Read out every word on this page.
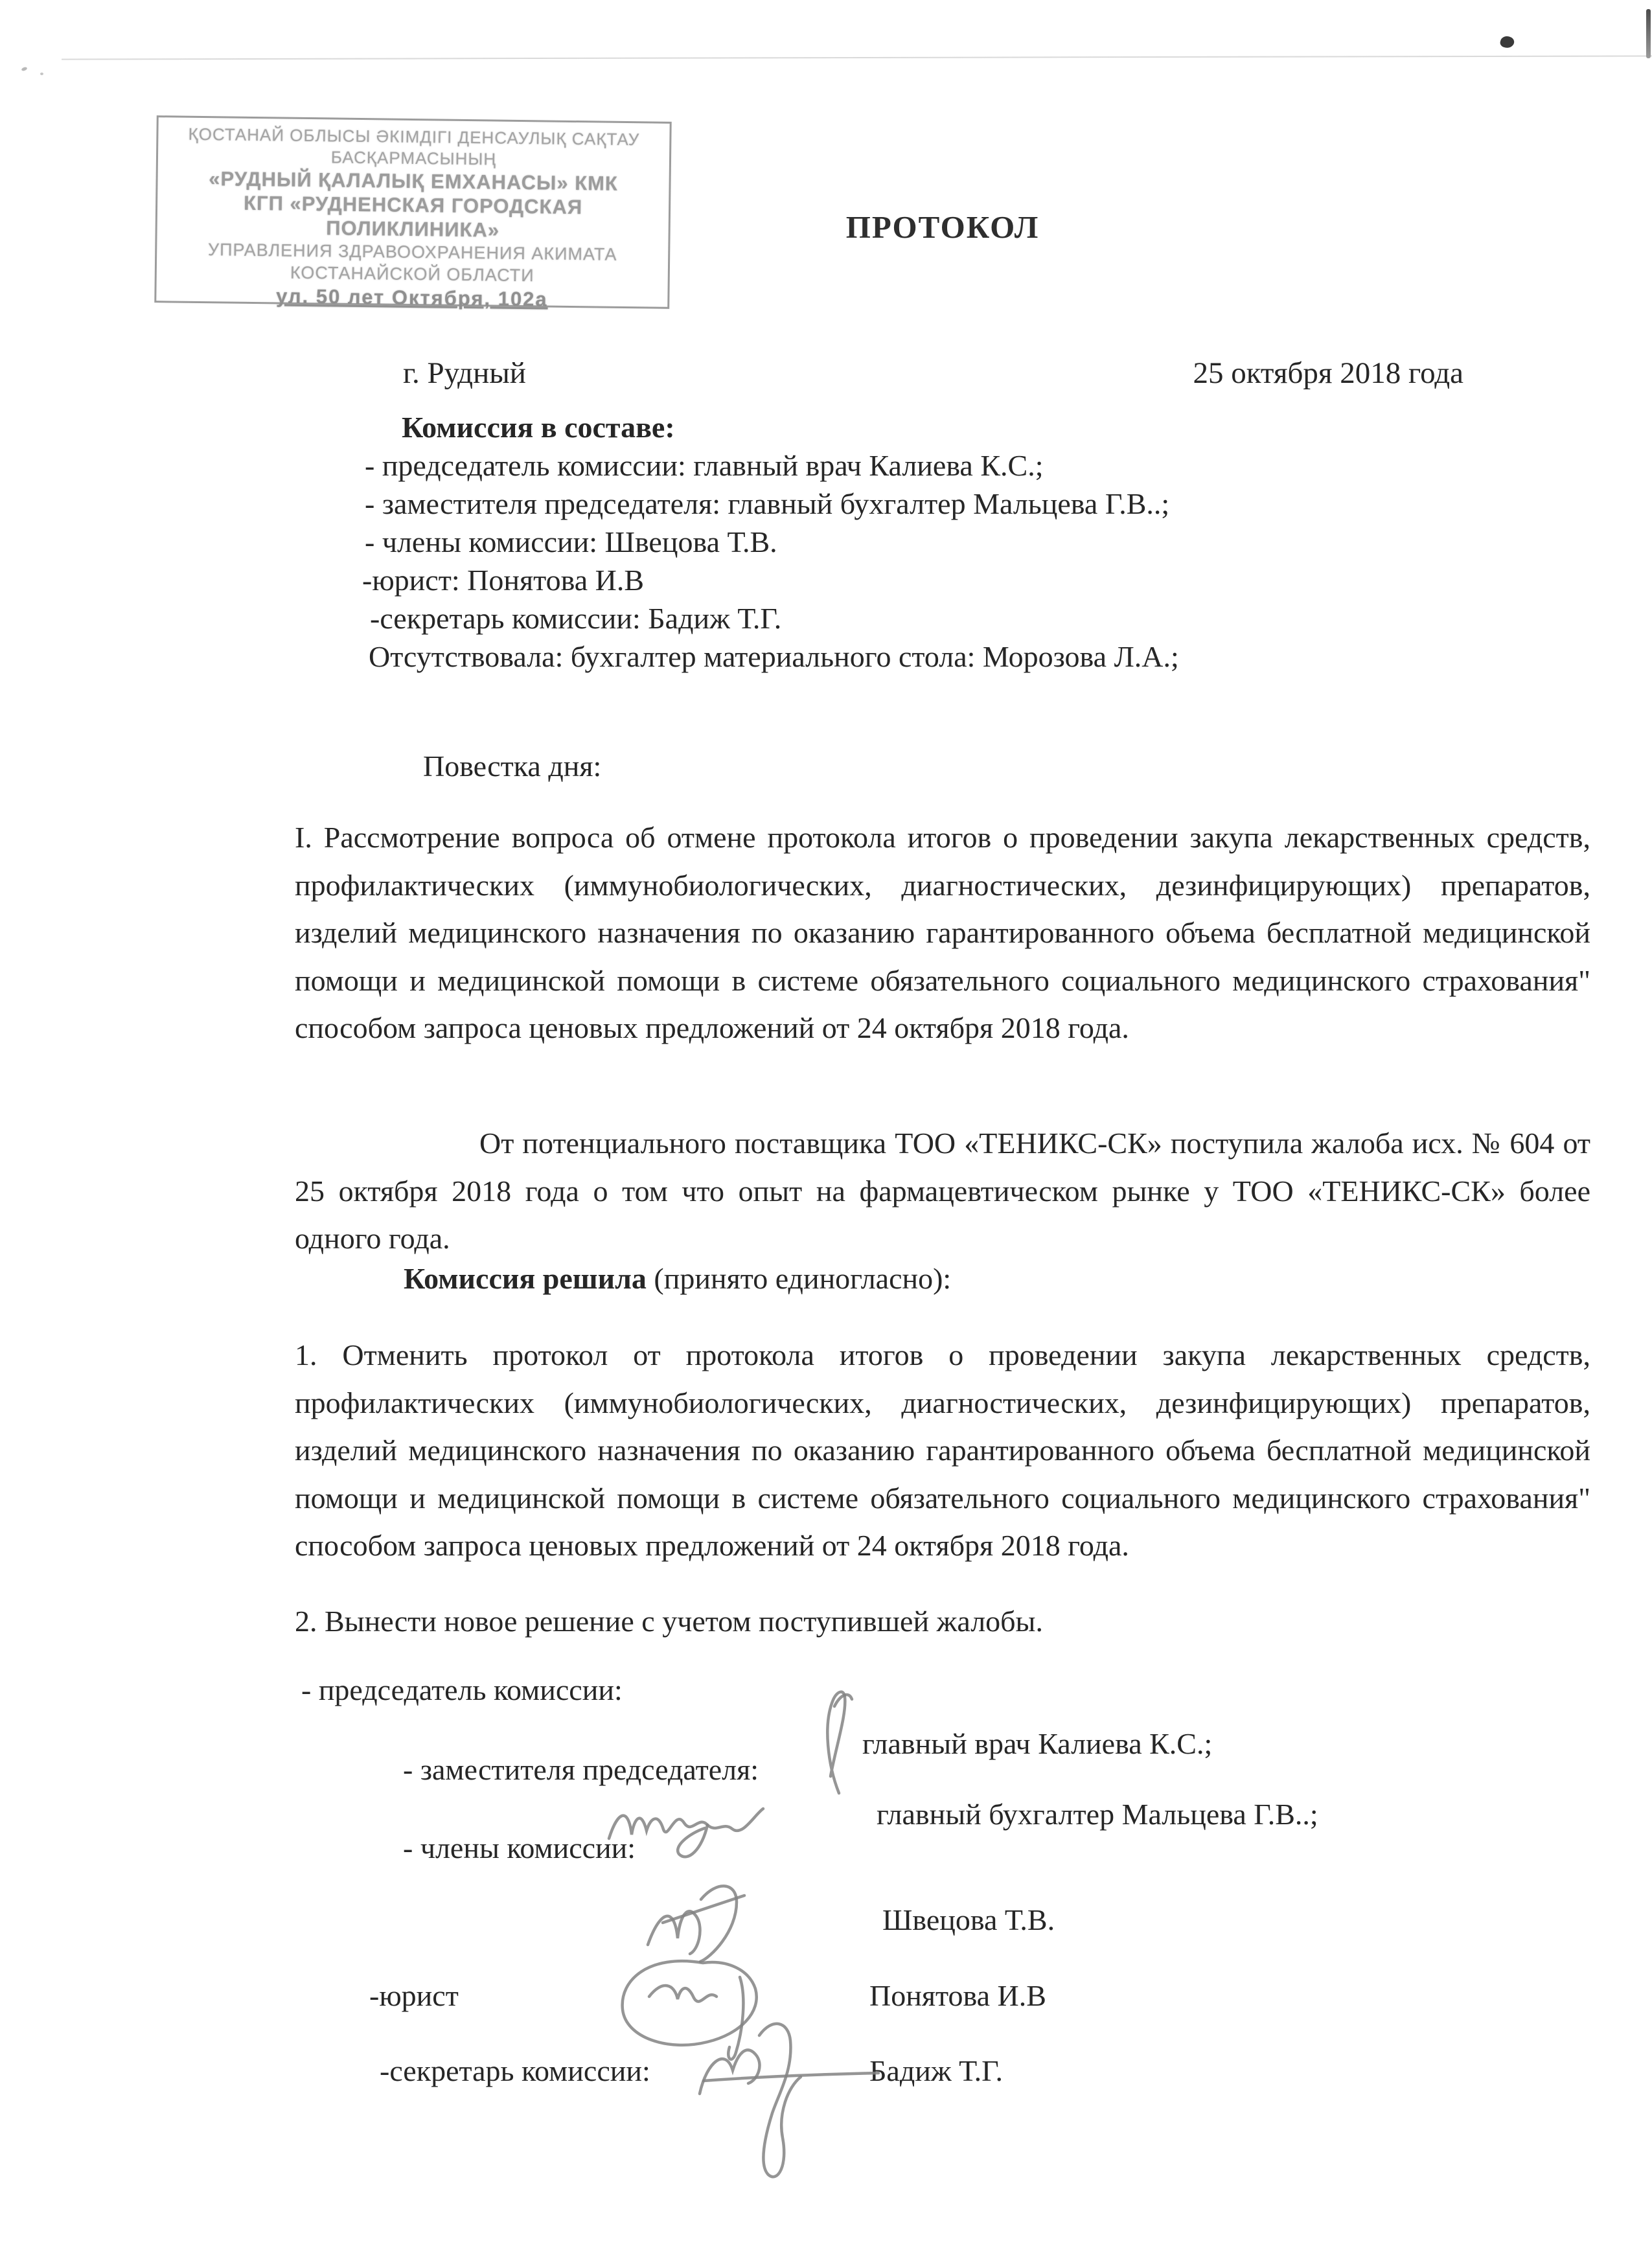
ҚОСТАНАЙ ОБЛЫСЫ ӘКІМДІГІ ДЕНСАУЛЫҚ САҚТАУ
БАСҚАРМАСЫНЫҢ
«РУДНЫЙ ҚАЛАЛЫҚ ЕМХАНАСЫ» КМК
КГП «РУДНЕНСКАЯ ГОРОДСКАЯ
ПОЛИКЛИНИКА»
УПРАВЛЕНИЯ ЗДРАВООХРАНЕНИЯ АКИМАТА
КОСТАНАЙСКОЙ ОБЛАСТИ
ул. 50 лет Октября, 102а
ПРОТОКОЛ
г. Рудный	25 октября 2018 года
Комиссия в составе:
- председатель комиссии: главный врач Калиева К.С.;
- заместителя председателя: главный бухгалтер Мальцева Г.В..;
- члены комиссии: Швецова Т.В.
-юрист: Понятова И.В
-секретарь комиссии: Бадиж Т.Г.
Отсутствовала: бухгалтер материального стола: Морозова Л.А.;
Повестка дня:
I. Рассмотрение вопроса об отмене протокола итогов о проведении закупа лекарственных средств, профилактических (иммунобиологических, диагностических, дезинфицирующих) препаратов, изделий медицинского назначения по оказанию гарантированного объема бесплатной медицинской помощи и медицинской помощи в системе обязательного социального медицинского страхования" способом запроса ценовых предложений от 24 октября 2018 года.
От потенциального поставщика ТОО «ТЕНИКС-СК» поступила жалоба исх. № 604 от 25 октября 2018 года о том что опыт на фармацевтическом рынке у ТОО «ТЕНИКС-СК» более одного года.
Комиссия решила (принято единогласно):
1. Отменить протокол от протокола итогов о проведении закупа лекарственных средств, профилактических (иммунобиологических, диагностических, дезинфицирующих) препаратов, изделий медицинского назначения по оказанию гарантированного объема бесплатной медицинской помощи и медицинской помощи в системе обязательного социального медицинского страхования" способом запроса ценовых предложений от 24 октября 2018 года.
2. Вынести новое решение с учетом поступившей жалобы.
- председатель комиссии:
главный врач Калиева К.С.;
- заместителя председателя:
главный бухгалтер Мальцева Г.В..;
- члены комиссии:
Швецова Т.В.
-юрист	Понятова И.В
-секретарь комиссии:	Бадиж Т.Г.
